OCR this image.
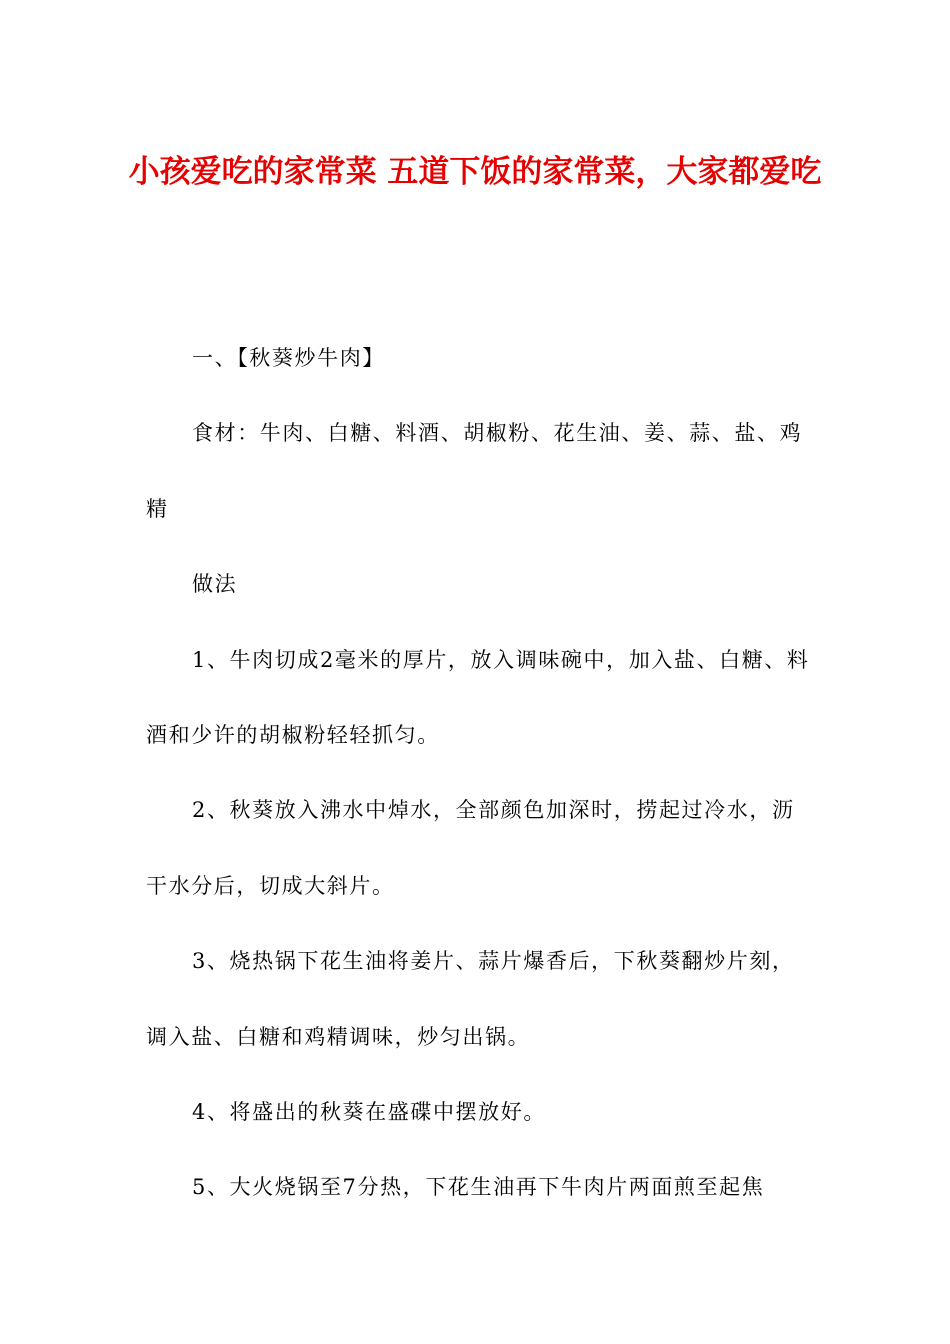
小孩爱吃的家常菜 五道下饭的家常菜，大家都爱吃

一、【秋葵炒牛肉】

食材：牛肉、白糖、料酒、胡椒粉、花生油、姜、蒜、盐、鸡精

做法

1、牛肉切成2毫米的厚片，放入调味碗中，加入盐、白糖、料酒和少许的胡椒粉轻轻抓匀。

2、秋葵放入沸水中焯水，全部颜色加深时，捞起过冷水，沥干水分后，切成大斜片。

3、烧热锅下花生油将姜片、蒜片爆香后，下秋葵翻炒片刻，调入盐、白糖和鸡精调味，炒匀出锅。

4、将盛出的秋葵在盛碟中摆放好。

5、大火烧锅至7分热，下花生油再下牛肉片两面煎至起焦
